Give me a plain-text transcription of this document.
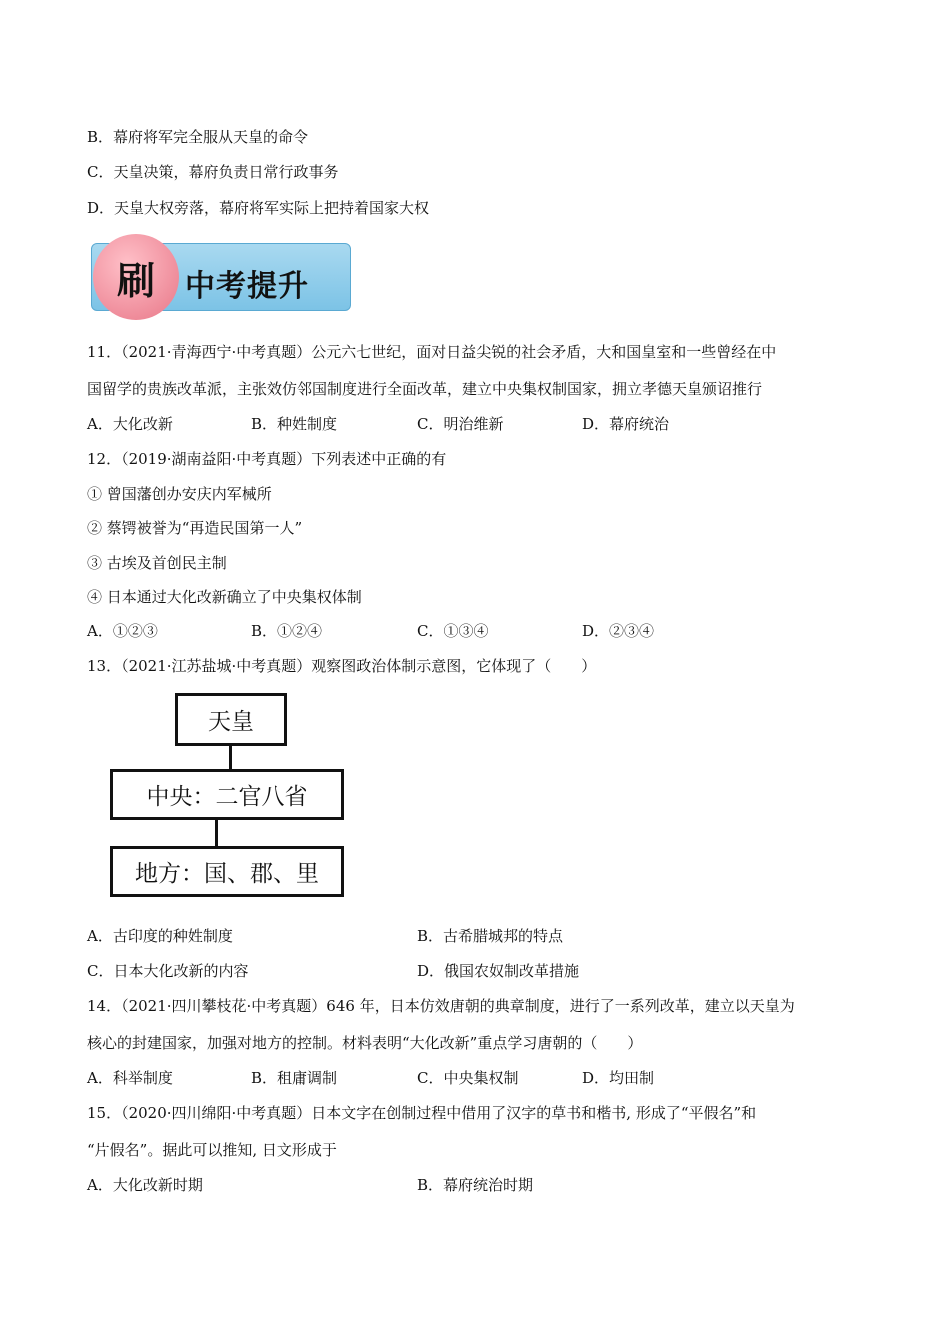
B．幕府将军完全服从天皇的命令
C．天皇决策，幕府负责日常行政事务
D．天皇大权旁落，幕府将军实际上把持着国家大权
刷	中考提升
11．（2021·青海西宁·中考真题）公元六七世纪，面对日益尖锐的社会矛盾，大和国皇室和一些曾经在中
国留学的贵族改革派，主张效仿邻国制度进行全面改革，建立中央集权制国家，拥立孝德天皇颁诏推行
A．大化改新	B．种姓制度	C．明治维新	D．幕府统治
12．（2019·湖南益阳·中考真题）下列表述中正确的有
① 曾国藩创办安庆内军械所
② 蔡锷被誉为“再造民国第一人”
③ 古埃及首创民主制
④ 日本通过大化改新确立了中央集权体制
A．①②③	B．①②④	C．①③④	D．②③④
13．（2021·江苏盐城·中考真题）观察图政治体制示意图，它体现了（　　）
天皇
中央：二官八省
地方：国、郡、里
A．古印度的种姓制度	B．古希腊城邦的特点
C．日本大化改新的内容	D．俄国农奴制改革措施
14．（2021·四川攀枝花·中考真题）646 年，日本仿效唐朝的典章制度，进行了一系列改革，建立以天皇为
核心的封建国家，加强对地方的控制。材料表明“大化改新”重点学习唐朝的（　　）
A．科举制度	B．租庸调制	C．中央集权制	D．均田制
15．（2020·四川绵阳·中考真题）日本文字在创制过程中借用了汉字的草书和楷书, 形成了“平假名”和
“片假名”。据此可以推知, 日文形成于
A．大化改新时期	B．幕府统治时期
